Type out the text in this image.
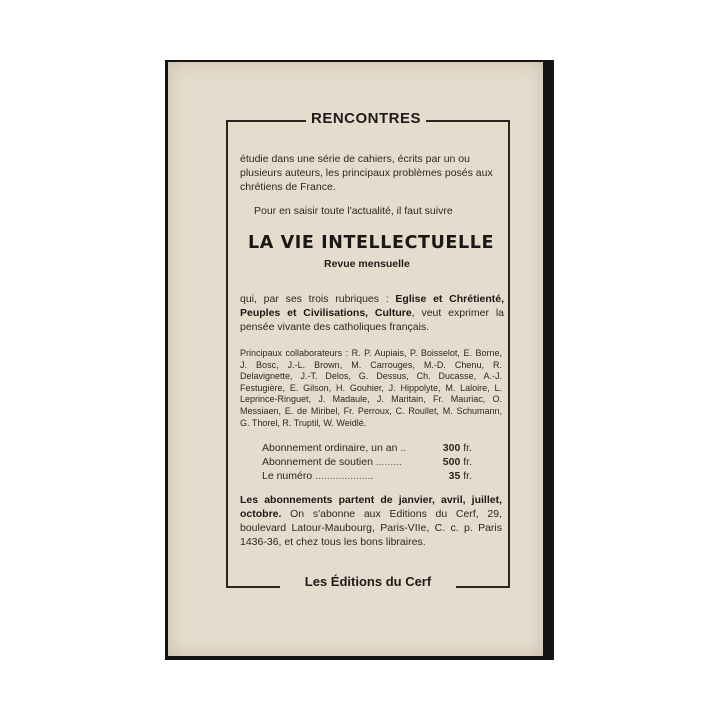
RENCONTRES
étudie dans une série de cahiers, écrits par un ou plusieurs auteurs, les principaux problèmes posés aux chrétiens de France.
Pour en saisir toute l'actualité, il faut suivre
LA VIE INTELLECTUELLE
Revue mensuelle
qui, par ses trois rubriques : Eglise et Chrétienté, Peuples et Civilisations, Culture, veut exprimer la pensée vivante des catholiques français.
Principaux collaborateurs : R. P. Aupiais, P. Boisselot, E. Borne, J. Bosc, J.-L. Brown, M. Carrouges, M.-D. Chenu, R. Delavignette, J.-T. Delos, G. Dessus, Ch. Ducasse, A.-J. Festugière, E. Gilson, H. Gouhier, J. Hippolyte, M. Laloire, L. Leprince-Ringuet, J. Madaule, J. Maritain, Fr. Mauriac, O. Messiaen, E. de Miribel, Fr. Perroux, C. Roullet, M. Schumann, G. Thorel, R. Truptil, W. Weidlé.
Abonnement ordinaire, un an ..	300 fr.
Abonnement de soutien .........	500 fr.
Le numéro ....................	35 fr.
Les abonnements partent de janvier, avril, juillet, octobre. On s'abonne aux Editions du Cerf, 29, boulevard Latour-Maubourg, Paris-VIIe, C. c. p. Paris 1436-36, et chez tous les bons libraires.
Les Éditions du Cerf
